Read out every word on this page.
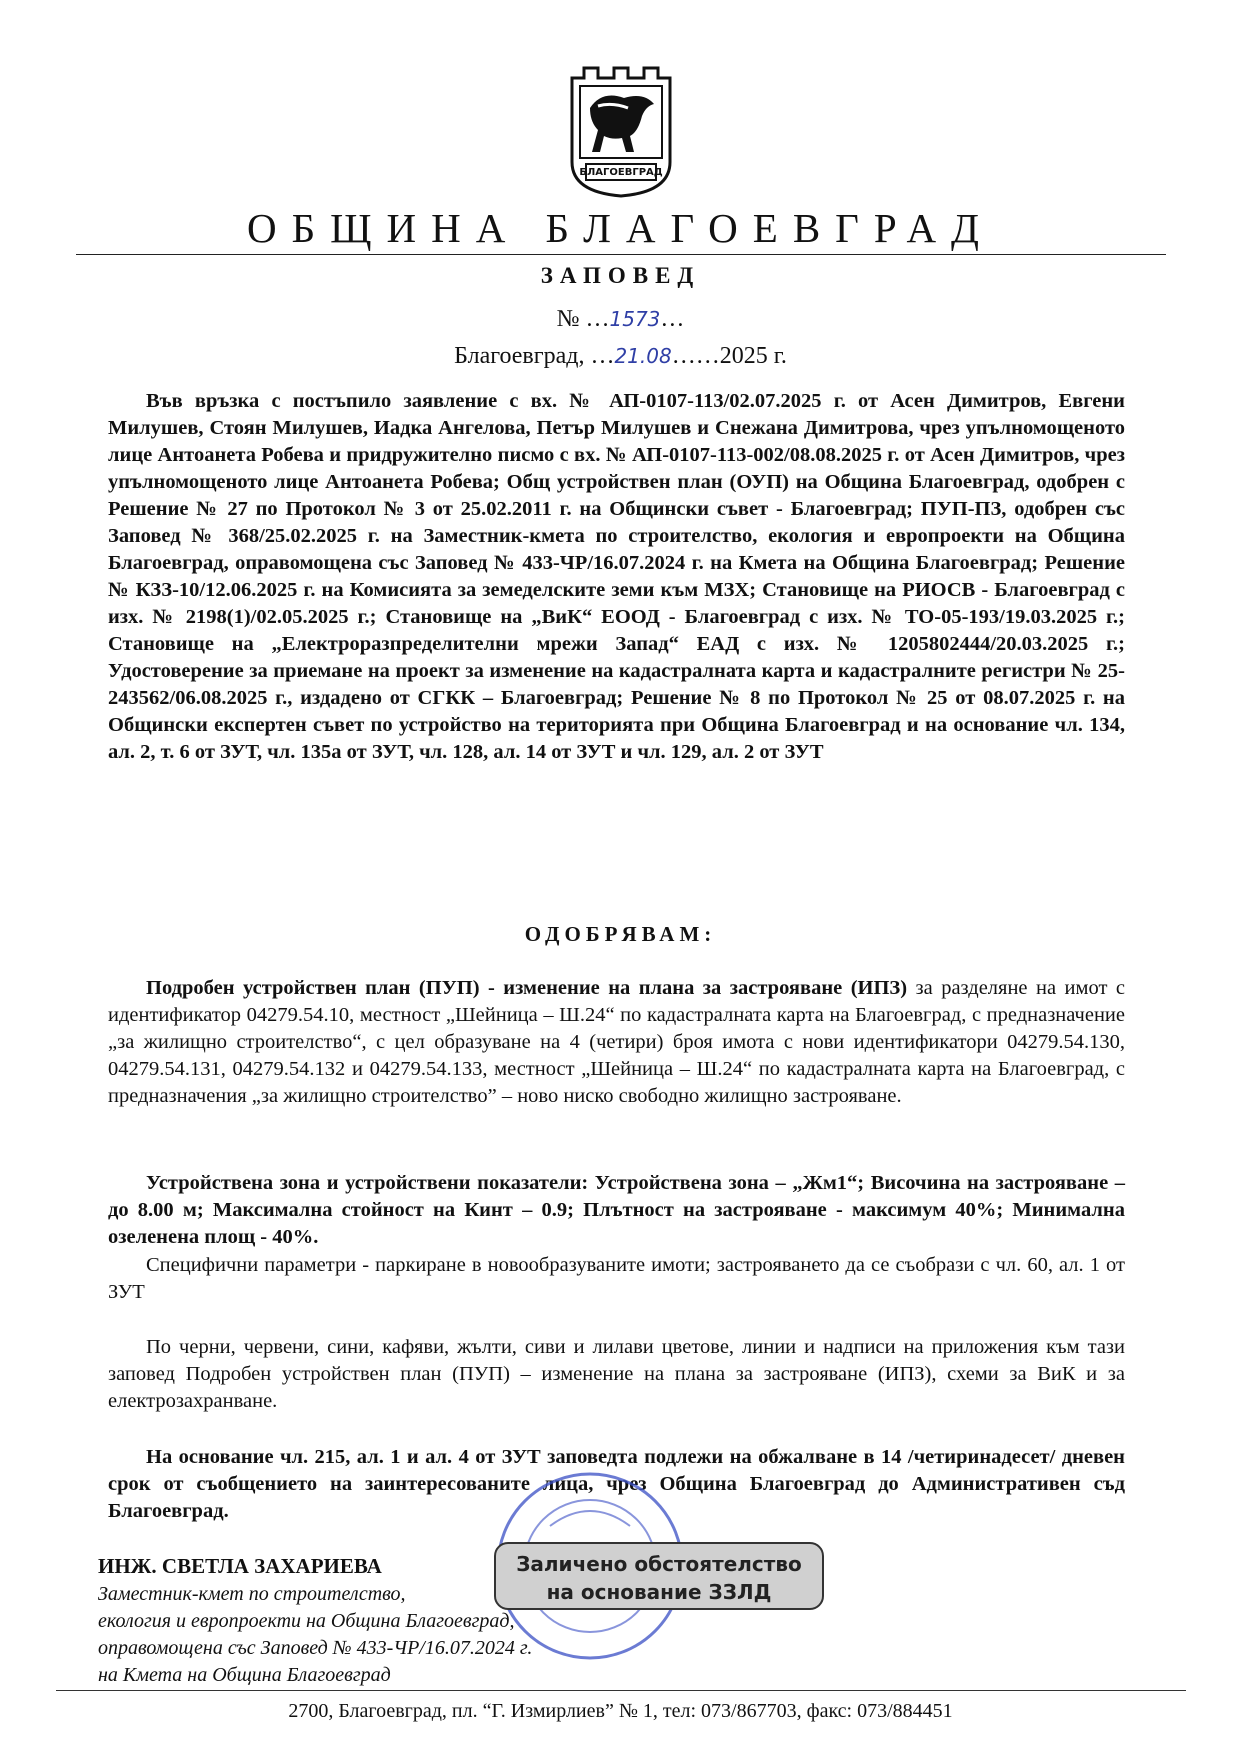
БЛАГОЕВГРАД
ОБЩИНА БЛАГОЕВГРАД
ЗАПОВЕД
№ …1573…
Благоевград, …21.08……2025 г.
Във връзка с постъпило заявление с вх. № АП-0107-113/02.07.2025 г. от Асен Димитров, Евгени Милушев, Стоян Милушев, Иадка Ангелова, Петър Милушев и Снежана Димитрова, чрез упълномощеното лице Антоанета Робева и придружително писмо с вх. № АП-0107-113-002/08.08.2025 г. от Асен Димитров, чрез упълномощеното лице Антоанета Робева; Общ устройствен план (ОУП) на Община Благоевград, одобрен с Решение № 27 по Протокол № 3 от 25.02.2011 г. на Общински съвет - Благоевград; ПУП-ПЗ, одобрен със Заповед № 368/25.02.2025 г. на Заместник-кмета по строителство, екология и европроекти на Община Благоевград, оправомощена със Заповед № 433-ЧР/16.07.2024 г. на Кмета на Община Благоевград; Решение № КЗЗ-10/12.06.2025 г. на Комисията за земеделските земи към МЗХ; Становище на РИОСВ - Благоевград с изх. № 2198(1)/02.05.2025 г.; Становище на „ВиК“ ЕООД - Благоевград с изх. № ТО-05-193/19.03.2025 г.; Становище на „Електроразпределителни мрежи Запад“ ЕАД с изх. № 1205802444/20.03.2025 г.; Удостоверение за приемане на проект за изменение на кадастралната карта и кадастралните регистри № 25-243562/06.08.2025 г., издадено от СГКК – Благоевград; Решение № 8 по Протокол № 25 от 08.07.2025 г. на Общински експертен съвет по устройство на територията при Община Благоевград и на основание чл. 134, ал. 2, т. 6 от ЗУТ, чл. 135а от ЗУТ, чл. 128, ал. 14 от ЗУТ и чл. 129, ал. 2 от ЗУТ
ОДОБРЯВАМ:
Подробен устройствен план (ПУП) - изменение на плана за застрояване (ИПЗ) за разделяне на имот с идентификатор 04279.54.10, местност „Шейница – Ш.24“ по кадастралната карта на Благоевград, с предназначение „за жилищно строителство“, с цел образуване на 4 (четири) броя имота с нови идентификатори 04279.54.130, 04279.54.131, 04279.54.132 и 04279.54.133, местност „Шейница – Ш.24“ по кадастралната карта на Благоевград, с предназначения „за жилищно строителство” – ново ниско свободно жилищно застрояване.
Устройствена зона и устройствени показатели: Устройствена зона – „Жм1“; Височина на застрояване – до 8.00 м; Максимална стойност на Кинт – 0.9; Плътност на застрояване - максимум 40%; Минимална озеленена площ - 40%.
Специфични параметри - паркиране в новообразуваните имоти; застрояването да се съобрази с чл. 60, ал. 1 от ЗУТ
По черни, червени, сини, кафяви, жълти, сиви и лилави цветове, линии и надписи на приложения към тази заповед Подробен устройствен план (ПУП) – изменение на плана за застрояване (ИПЗ), схеми за ВиК и за електрозахранване.
На основание чл. 215, ал. 1 и ал. 4 от ЗУТ заповедта подлежи на обжалване в 14 /четиринадесет/ дневен срок от съобщението на заинтересованите лица, чрез Община Благоевград до Административен съд Благоевград.
ИНЖ. СВЕТЛА ЗАХАРИЕВА
Заместник-кмет по строителство,
екология и европроекти на Община Благоевград,
оправомощена със Заповед № 433-ЧР/16.07.2024 г.
на Кмета на Община Благоевград
Заличено обстоятелство
на основание ЗЗЛД
2700, Благоевград, пл. “Г. Измирлиев” № 1, тел: 073/867703, факс: 073/884451
